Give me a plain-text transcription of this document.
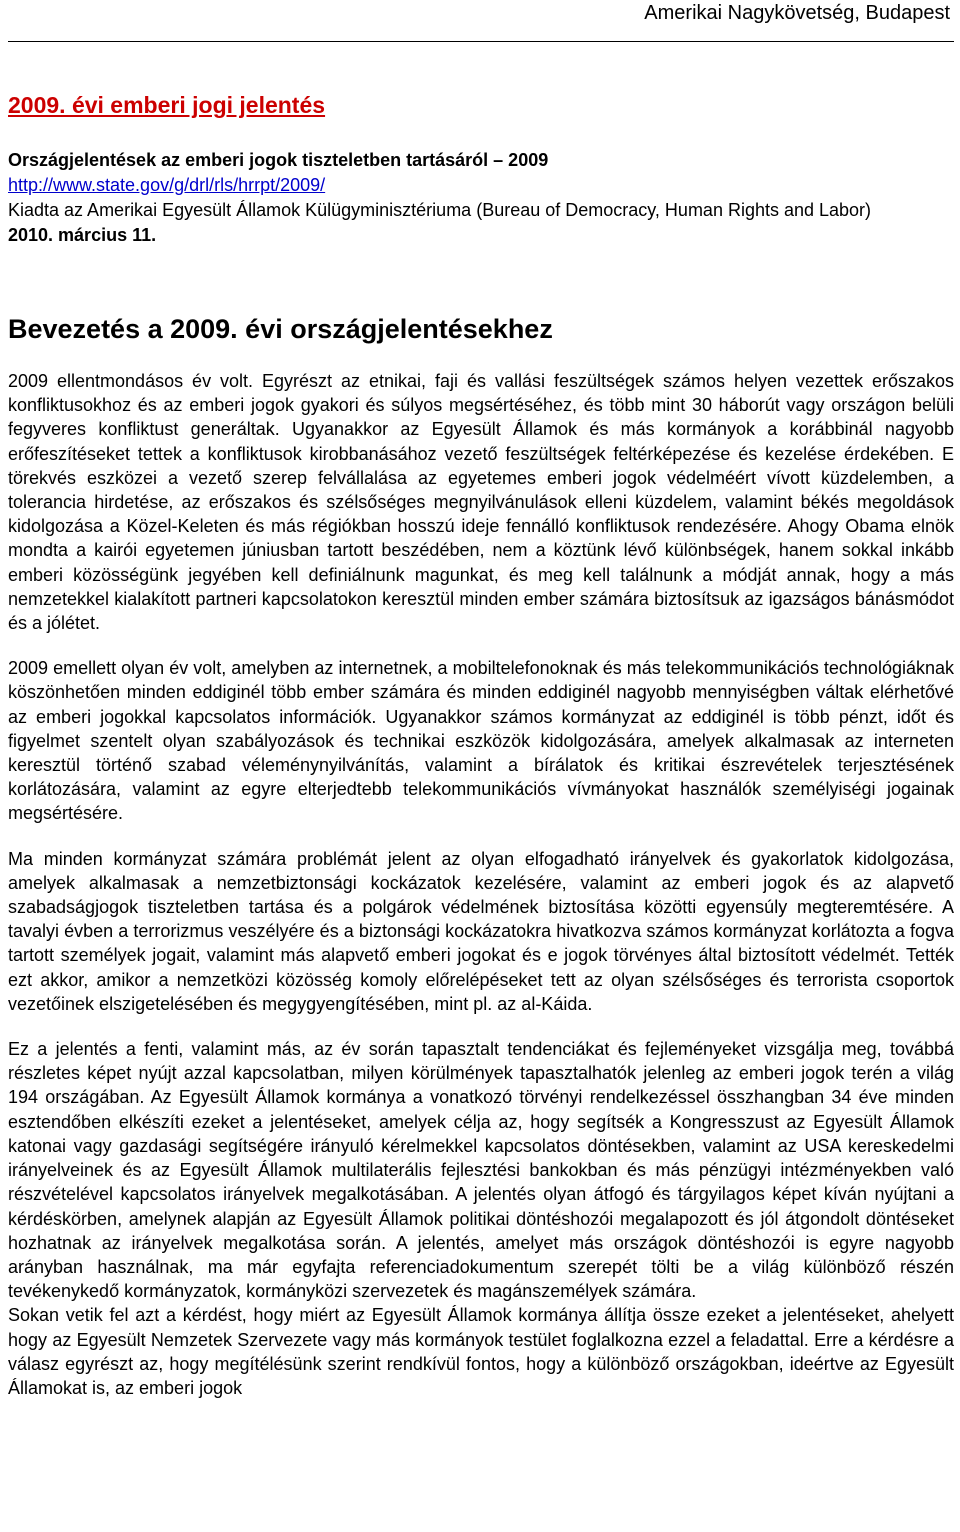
Amerikai Nagykövetség, Budapest
2009. évi emberi jogi jelentés
Országjelentések az emberi jogok tiszteletben tartásáról – 2009
http://www.state.gov/g/drl/rls/hrrpt/2009/
Kiadta az Amerikai Egyesült Államok Külügyminisztériuma (Bureau of Democracy, Human Rights and Labor)
2010. március 11.
Bevezetés a 2009. évi országjelentésekhez

2009 ellentmondásos év volt. Egyrészt az etnikai, faji és vallási feszültségek számos helyen vezettek erőszakos konfliktusokhoz és az emberi jogok gyakori és súlyos megsértéséhez, és több mint 30 háborút vagy országon belüli fegyveres konfliktust generáltak. Ugyanakkor az Egyesült Államok és más kormányok a korábbinál nagyobb erőfeszítéseket tettek a konfliktusok kirobbanásához vezető feszültségek feltérképezése és kezelése érdekében. E törekvés eszközei a vezető szerep felvállalása az egyetemes emberi jogok védelméért vívott küzdelemben, a tolerancia hirdetése, az erőszakos és szélsőséges megnyilvánulások elleni küzdelem, valamint békés megoldások kidolgozása a Közel-Keleten és más régiókban hosszú ideje fennálló konfliktusok rendezésére. Ahogy Obama elnök mondta a kairói egyetemen júniusban tartott beszédében, nem a köztünk lévő különbségek, hanem sokkal inkább emberi közösségünk jegyében kell definiálnunk magunkat, és meg kell találnunk a módját annak, hogy a más nemzetekkel kialakított partneri kapcsolatokon keresztül minden ember számára biztosítsuk az igazságos bánásmódot és a jólétet.

2009 emellett olyan év volt, amelyben az internetnek, a mobiltelefonoknak és más telekommunikációs technológiáknak köszönhetően minden eddiginél több ember számára és minden eddiginél nagyobb mennyiségben váltak elérhetővé az emberi jogokkal kapcsolatos információk. Ugyanakkor számos kormányzat az eddiginél is több pénzt, időt és figyelmet szentelt olyan szabályozások és technikai eszközök kidolgozására, amelyek alkalmasak az interneten keresztül történő szabad véleménynyilvánítás, valamint a bírálatok és kritikai észrevételek terjesztésének korlátozására, valamint az egyre elterjedtebb telekommunikációs vívmányokat használók személyiségi jogainak megsértésére.

Ma minden kormányzat számára problémát jelent az olyan elfogadható irányelvek és gyakorlatok kidolgozása, amelyek alkalmasak a nemzetbiztonsági kockázatok kezelésére, valamint az emberi jogok és az alapvető szabadságjogok tiszteletben tartása és a polgárok védelmének biztosítása közötti egyensúly megteremtésére. A tavalyi évben a terrorizmus veszélyére és a biztonsági kockázatokra hivatkozva számos kormányzat korlátozta a fogva tartott személyek jogait, valamint más alapvető emberi jogokat és e jogok törvényes által biztosított védelmét. Tették ezt akkor, amikor a nemzetközi közösség komoly előrelépéseket tett az olyan szélsőséges és terrorista csoportok vezetőinek elszigetelésében és megygyengítésében, mint pl. az al-Káida.

Ez a jelentés a fenti, valamint más, az év során tapasztalt tendenciákat és fejleményeket vizsgálja meg, továbbá részletes képet nyújt azzal kapcsolatban, milyen körülmények tapasztalhatók jelenleg az emberi jogok terén a világ 194 országában. Az Egyesült Államok kormánya a vonatkozó törvényi rendelkezéssel összhangban 34 éve minden esztendőben elkészíti ezeket a jelentéseket, amelyek célja az, hogy segítsék a Kongresszust az Egyesült Államok katonai vagy gazdasági segítségére irányuló kérelmekkel kapcsolatos döntésekben, valamint az USA kereskedelmi irányelveinek és az Egyesült Államok multilaterális fejlesztési bankokban és más pénzügyi intézményekben való részvételével kapcsolatos irányelvek megalkotásában. A jelentés olyan átfogó és tárgyilagos képet kíván nyújtani a kérdéskörben, amelynek alapján az Egyesült Államok politikai döntéshozói megalapozott és jól átgondolt döntéseket hozhatnak az irányelvek megalkotása során. A jelentés, amelyet más országok döntéshozói is egyre nagyobb arányban használnak, ma már egyfajta referenciadokumentum szerepét tölti be a világ különböző részén tevékenykedő kormányzatok, kormányközi szervezetek és magánszemélyek számára.

Sokan vetik fel azt a kérdést, hogy miért az Egyesült Államok kormánya állítja össze ezeket a jelentéseket, ahelyett hogy az Egyesült Nemzetek Szervezete vagy más kormányok testület foglalkozna ezzel a feladattal. Erre a kérdésre a válasz egyrészt az, hogy megítélésünk szerint rendkívül fontos, hogy a különböző országokban, ideértve az Egyesült Államokat is, az emberi jogok
